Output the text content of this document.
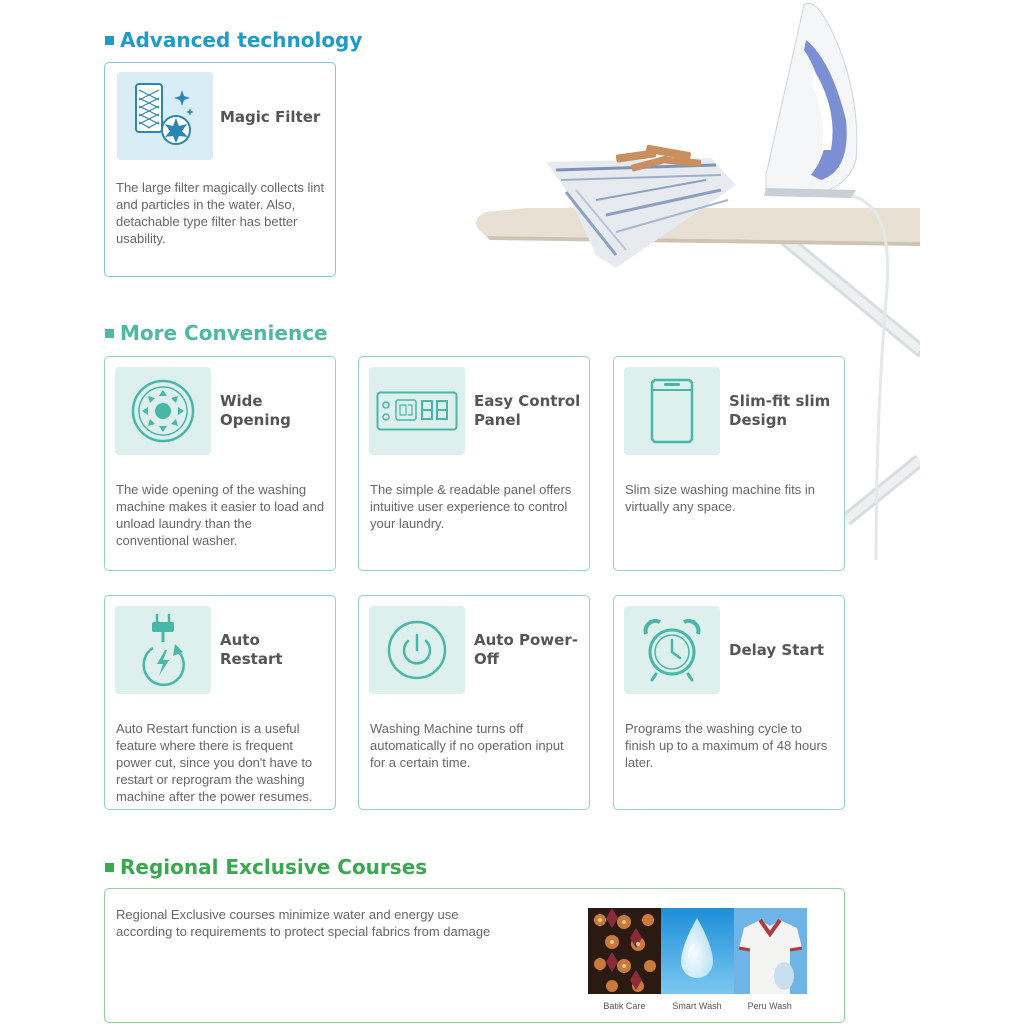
Advanced technology
More Convenience
Regional Exclusive Courses
Magic Filter
The large filter magically collects lint and particles in the water. Also, detachable type filter has better usability.
Wide Opening
The wide opening of the washing machine makes it easier to load and unload laundry than the conventional washer.
Easy Control Panel
The simple & readable panel offers intuitive user experience to control your laundry.
Slim-fit slim Design
Slim size washing machine fits in virtually any space.
Auto Restart
Auto Restart function is a useful feature where there is frequent power cut, since you don't have to restart or reprogram the washing machine after the power resumes.
Auto Power-Off
Washing Machine turns off automatically if no operation input for a certain time.
Delay Start
Programs the washing cycle to finish up to a maximum of 48 hours later.
Regional Exclusive courses minimize water and energy use according to requirements to protect special fabrics from damage
Batik Care	Smart Wash	Peru Wash
